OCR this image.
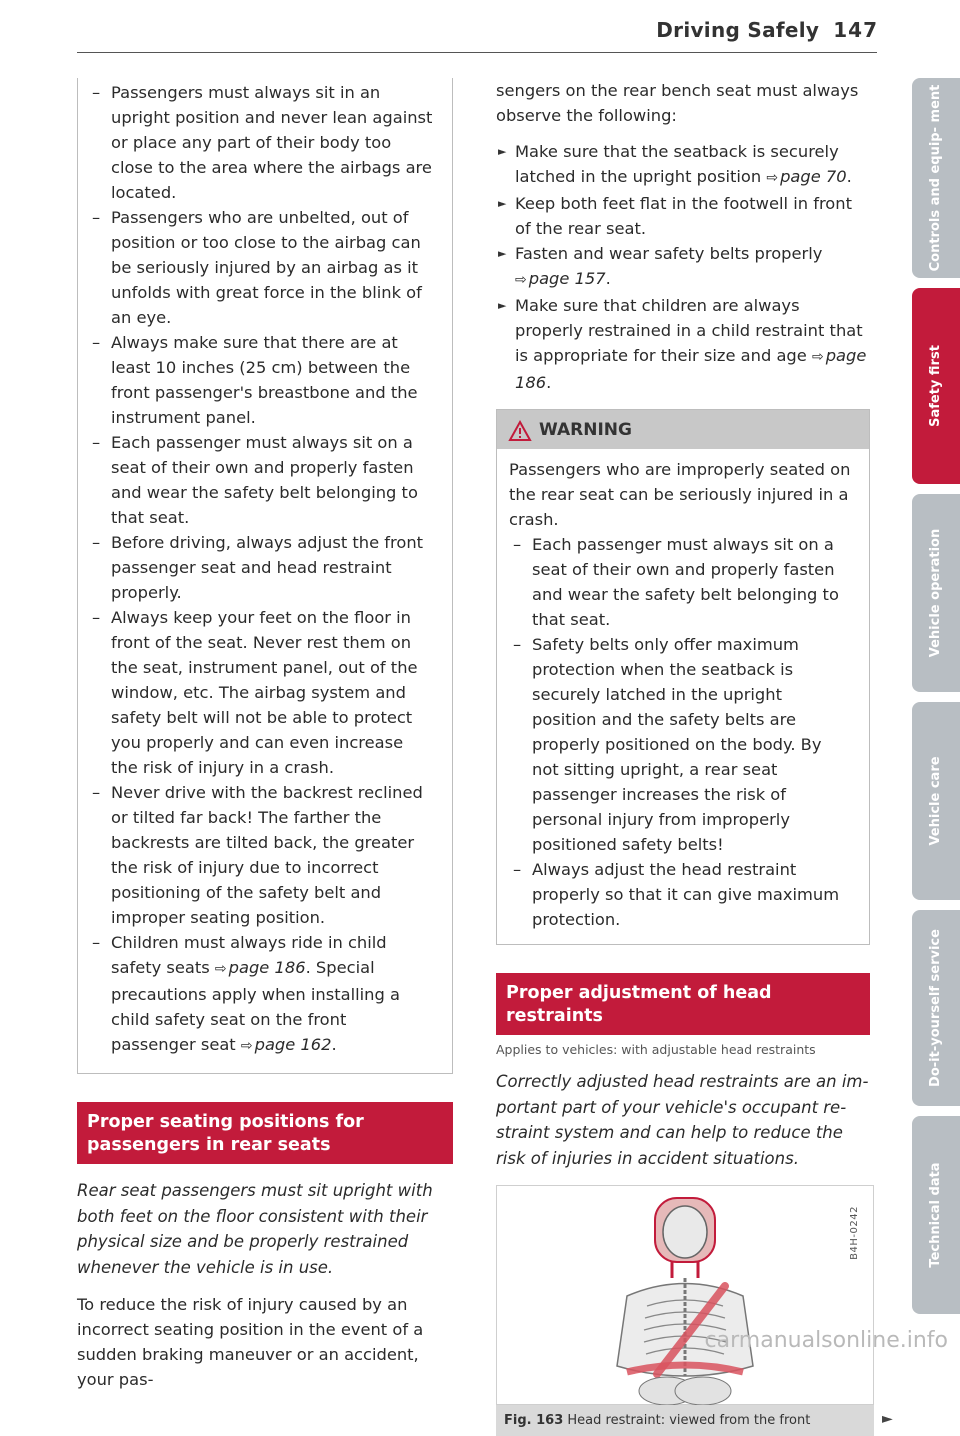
Driving Safely 147
– Passengers must always sit in an upright position and never lean against or place any part of their body too close to the area where the airbags are located.
– Passengers who are unbelted, out of position or too close to the airbag can be seriously injured by an airbag as it unfolds with great force in the blink of an eye.
– Always make sure that there are at least 10 inches (25 cm) between the front passenger's breastbone and the instrument panel.
– Each passenger must always sit on a seat of their own and properly fasten and wear the safety belt belonging to that seat.
– Before driving, always adjust the front passenger seat and head restraint properly.
– Always keep your feet on the floor in front of the seat. Never rest them on the seat, instrument panel, out of the window, etc. The airbag system and safety belt will not be able to protect you properly and can even increase the risk of injury in a crash.
– Never drive with the backrest reclined or tilted far back! The farther the backrests are tilted back, the greater the risk of injury due to incorrect positioning of the safety belt and improper seating position.
– Children must always ride in child safety seats ⇨ page 186. Special precautions apply when installing a child safety seat on the front passenger seat ⇨ page 162.
Proper seating positions for passengers in rear seats
Rear seat passengers must sit upright with both feet on the floor consistent with their physical size and be properly restrained whenever the vehicle is in use.
To reduce the risk of injury caused by an incorrect seating position in the event of a sudden braking maneuver or an accident, your pas-
sengers on the rear bench seat must always observe the following:
► Make sure that the seatback is securely latched in the upright position ⇨ page 70.
► Keep both feet flat in the footwell in front of the rear seat.
► Fasten and wear safety belts properly ⇨ page 157.
► Make sure that children are always properly restrained in a child restraint that is appropriate for their size and age ⇨ page 186.
WARNING
Passengers who are improperly seated on the rear seat can be seriously injured in a crash.
– Each passenger must always sit on a seat of their own and properly fasten and wear the safety belt belonging to that seat.
– Safety belts only offer maximum protection when the seatback is securely latched in the upright position and the safety belts are properly positioned on the body. By not sitting upright, a rear seat passenger increases the risk of personal injury from improperly positioned safety belts!
– Always adjust the head restraint properly so that it can give maximum protection.
Proper adjustment of head restraints
Applies to vehicles: with adjustable head restraints
Correctly adjusted head restraints are an important part of your vehicle's occupant restraint system and can help to reduce the risk of injuries in accident situations.
B4H-0242
Fig. 163 Head restraint: viewed from the front	►
Controls and equip- ment
Safety first
Vehicle operation
Vehicle care
Do-it-yourself service
Technical data
carmanualsonline.info
